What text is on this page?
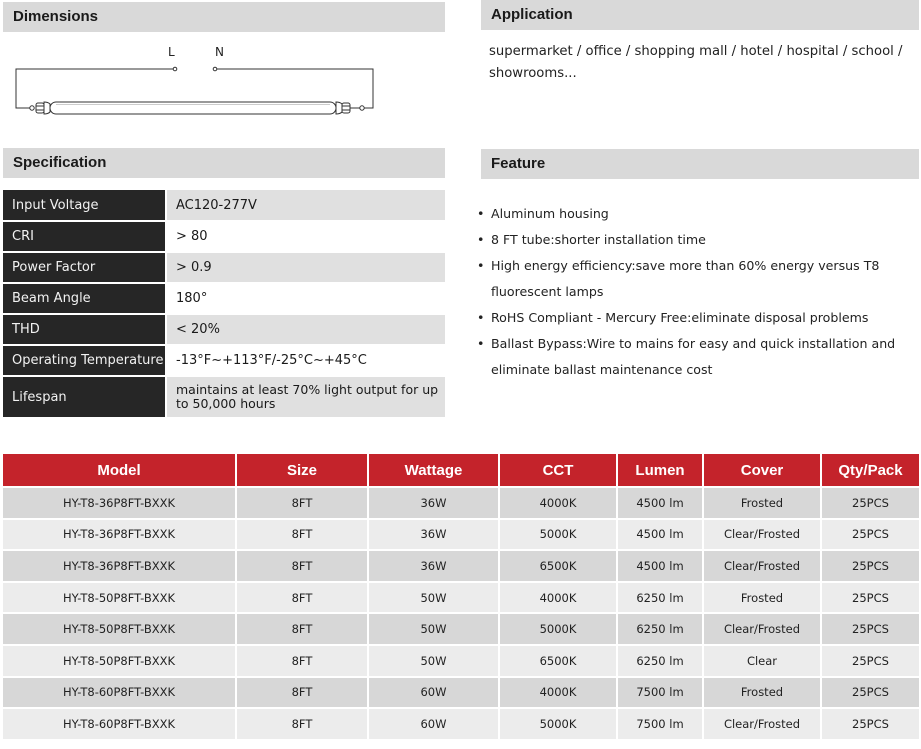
Dimensions	Application
L	N	supermarket / office / shopping mall / hotel / hospital / school / showrooms...
Specification
Input Voltage	AC120-277V
CRI	> 80
Power Factor	> 0.9
Beam Angle	180°
THD	< 20%
Operating Temperature	-13°F~+113°F/-25°C~+45°C
Lifespan	maintains at least 70% light output for up to 50,000 hours
Feature
• Aluminum housing
• 8 FT tube:shorter installation time
• High energy efficiency:save more than 60% energy versus T8 fluorescent lamps
• RoHS Compliant - Mercury Free:eliminate disposal problems
• Ballast Bypass:Wire to mains for easy and quick installation and eliminate ballast maintenance cost
Model	Size	Wattage	CCT	Lumen	Cover	Qty/Pack
HY-T8-36P8FT-BXXK	8FT	36W	4000K	4500 lm	Frosted	25PCS
HY-T8-36P8FT-BXXK	8FT	36W	5000K	4500 lm	Clear/Frosted	25PCS
HY-T8-36P8FT-BXXK	8FT	36W	6500K	4500 lm	Clear/Frosted	25PCS
HY-T8-50P8FT-BXXK	8FT	50W	4000K	6250 lm	Frosted	25PCS
HY-T8-50P8FT-BXXK	8FT	50W	5000K	6250 lm	Clear/Frosted	25PCS
HY-T8-50P8FT-BXXK	8FT	50W	6500K	6250 lm	Clear	25PCS
HY-T8-60P8FT-BXXK	8FT	60W	4000K	7500 lm	Frosted	25PCS
HY-T8-60P8FT-BXXK	8FT	60W	5000K	7500 lm	Clear/Frosted	25PCS
